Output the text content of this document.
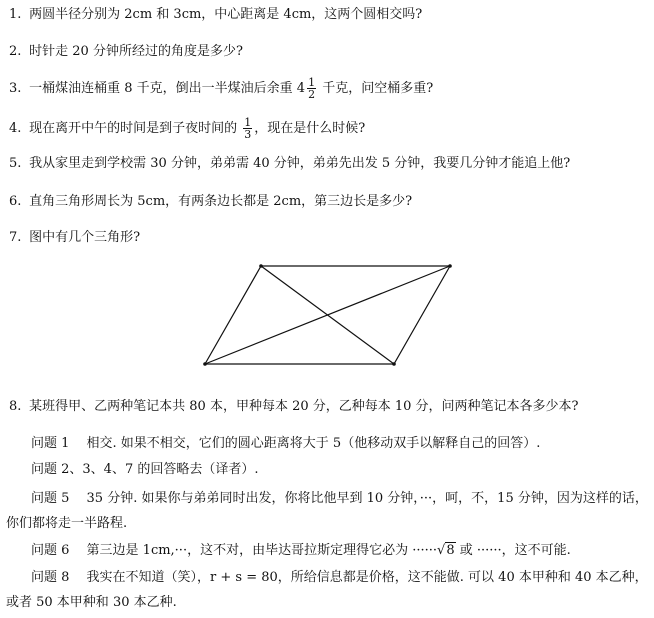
1. 两圆半径分别为 2cm 和 3cm，中心距离是 4cm，这两个圆相交吗?
2. 时针走 20 分钟所经过的角度是多少?
3. 一桶煤油连桶重 8 千克，倒出一半煤油后余重 $4 \frac{1}{2}$ 千克，问空桶多重?
4. 现在离开中午的时间是到子夜时间的 $\frac{1}{3}$ ，现在是什么时候?
5. 我从家里走到学校需 30 分钟，弟弟需 40 分钟，弟弟先出发 5 分钟，我要几分钟才能追上他?
6. 直角三角形周长为 5cm，有两条边长都是 2cm，第三边长是多少?
7. 图中有几个三角形?
8. 某班得甲、乙两种笔记本共 80 本，甲种每本 20 分，乙种每本 10 分，问两种笔记本各多少本?
问题 1　 相交. 如果不相交，它们的圆心距离将大于 5（他移动双手以解释自己的回答）.
问题 2、3、4、7 的回答略去（译者）.
问题 5　 35 分钟. 如果你与弟弟同时出发，你将比他早到 10 分钟，···，呵，不，15 分钟，因为这样的话，
你们都将走一半路程.
问题 6　 第三边是 1cm,···，这不对，由毕达哥拉斯定理得它必为 ······√8 或 ······，这不可能.
问题 8　 我实在不知道（笑），r + s = 80，所给信息都是价格，这不能做. 可以 40 本甲种和 40 本乙种，
或者 50 本甲种和 30 本乙种.
